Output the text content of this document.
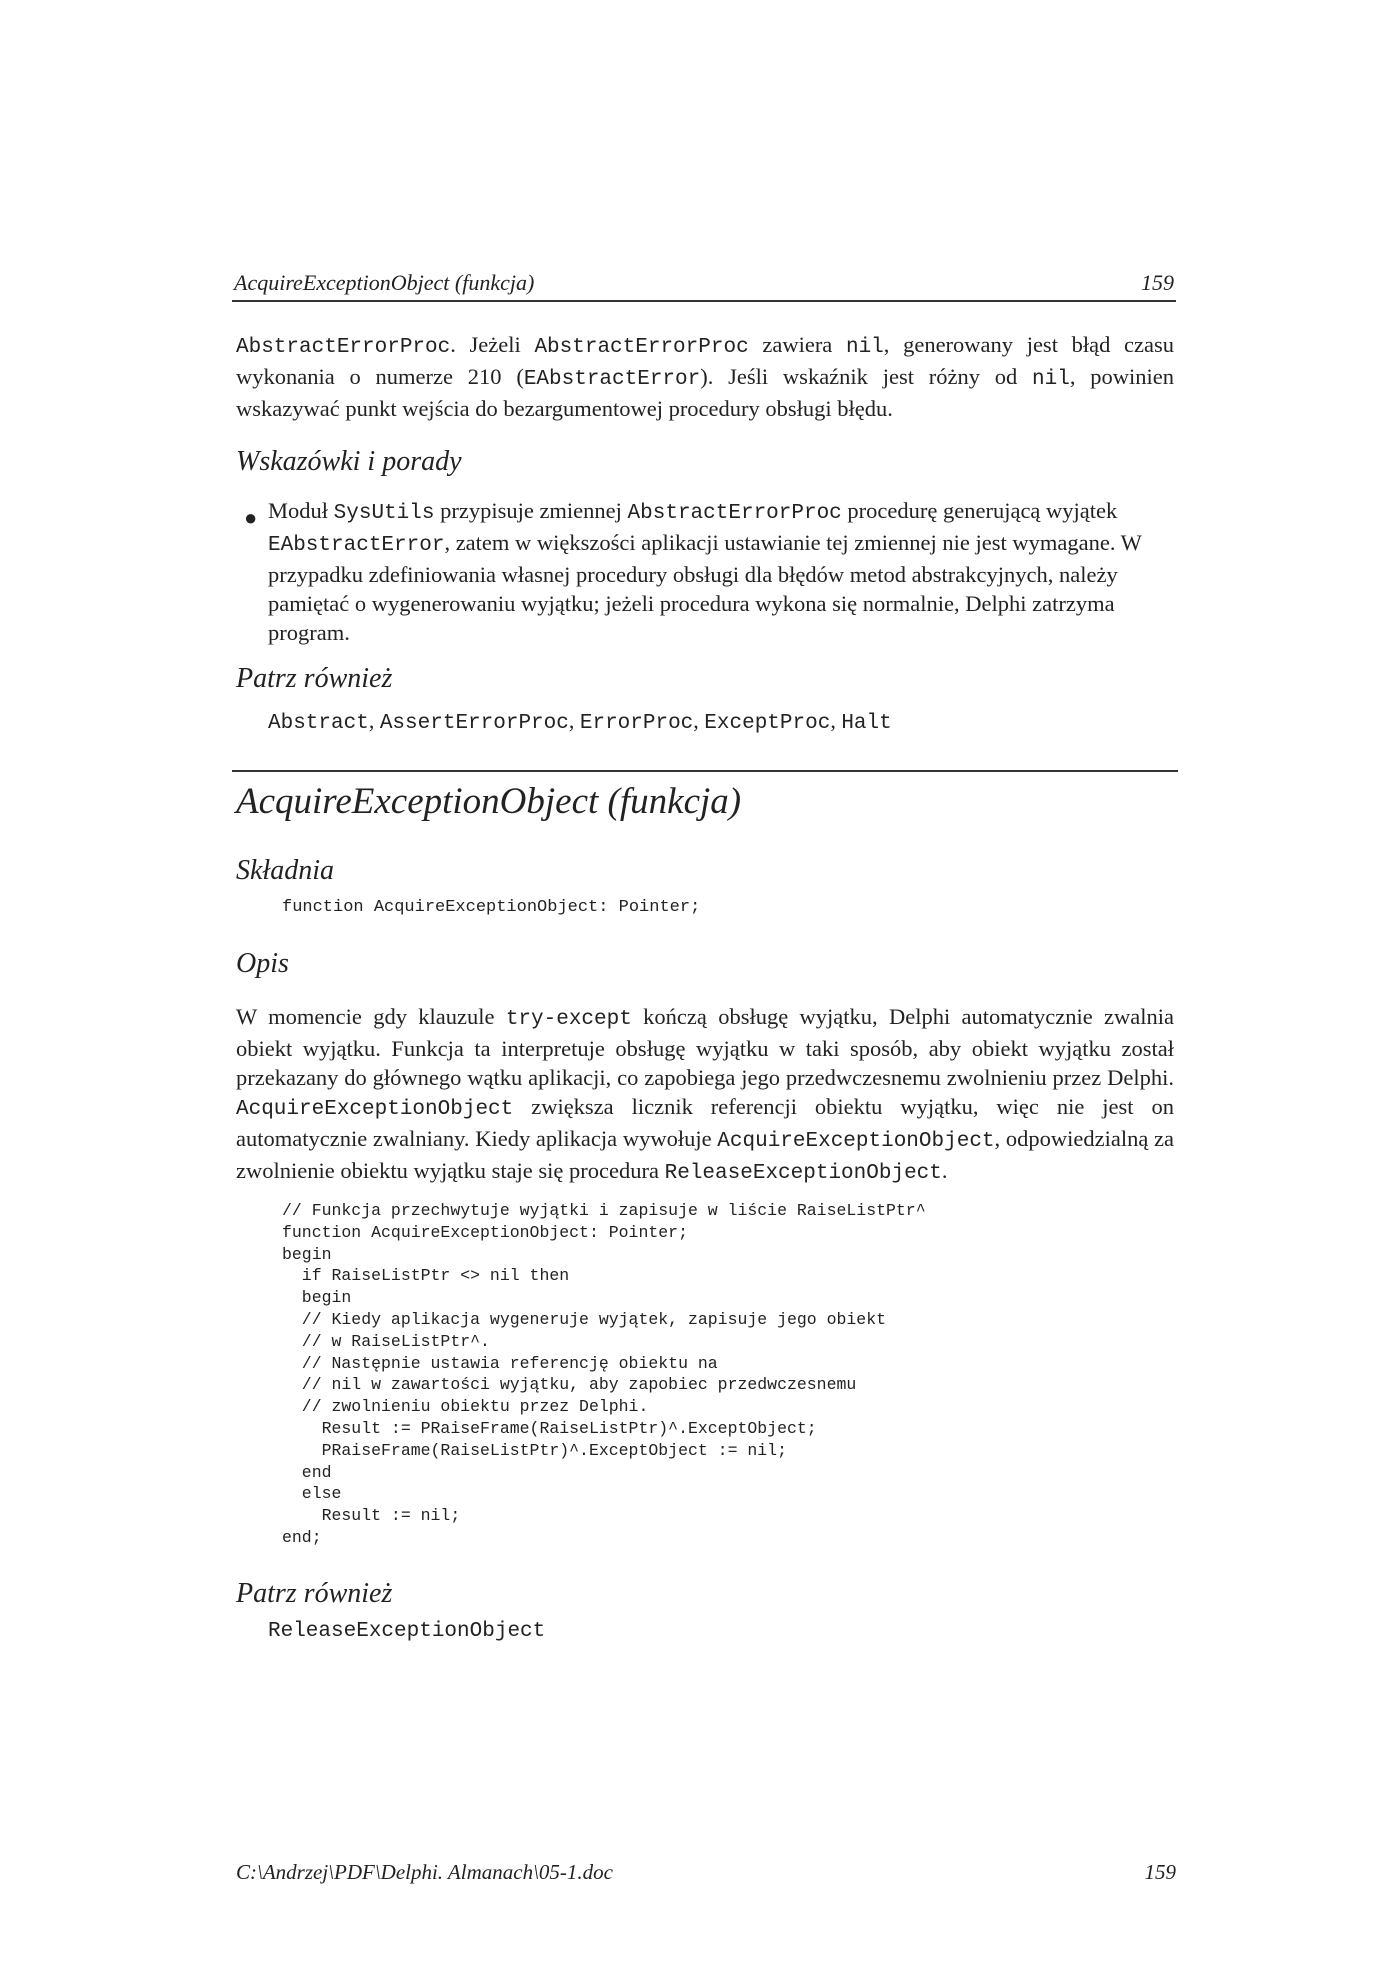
AcquireExceptionObject (funkcja)	159
AbstractErrorProc. Jeżeli AbstractErrorProc zawiera nil, generowany jest błąd czasu wykonania o numerze 210 (EAbstractError). Jeśli wskaźnik jest różny od nil, powinien wskazywać punkt wejścia do bezargumentowej procedury obsługi błędu.
Wskazówki i porady
● Moduł SysUtils przypisuje zmiennej AbstractErrorProc procedurę generującą wyjątek EAbstractError, zatem w większości aplikacji ustawianie tej zmiennej nie jest wymagane. W przypadku zdefiniowania własnej procedury obsługi dla błędów metod abstrakcyjnych, należy pamiętać o wygenerowaniu wyjątku; jeżeli procedura wykona się normalnie, Delphi zatrzyma program.
Patrz również
Abstract, AssertErrorProc, ErrorProc, ExceptProc, Halt
AcquireExceptionObject (funkcja)
Składnia
function AcquireExceptionObject: Pointer;
Opis
W momencie gdy klauzule try-except kończą obsługę wyjątku, Delphi automatycznie zwalnia obiekt wyjątku. Funkcja ta interpretuje obsługę wyjątku w taki sposób, aby obiekt wyjątku został przekazany do głównego wątku aplikacji, co zapobiega jego przedwczesnemu zwolnieniu przez Delphi. AcquireExceptionObject zwiększa licznik referencji obiektu wyjątku, więc nie jest on automatycznie zwalniany. Kiedy aplikacja wywołuje AcquireExceptionObject, odpowiedzialną za zwolnienie obiektu wyjątku staje się procedura ReleaseExceptionObject.
// Funkcja przechwytuje wyjątki i zapisuje w liście RaiseListPtr^
function AcquireExceptionObject: Pointer;
begin
if RaiseListPtr <> nil then
begin
// Kiedy aplikacja wygeneruje wyjątek, zapisuje jego obiekt
// w RaiseListPtr^.
// Następnie ustawia referencję obiektu na
// nil w zawartości wyjątku, aby zapobiec przedwczesnemu
// zwolnieniu obiektu przez Delphi.
Result := PRaiseFrame(RaiseListPtr)^.ExceptObject;
PRaiseFrame(RaiseListPtr)^.ExceptObject := nil;
end
else
Result := nil;
end;
Patrz również
ReleaseExceptionObject
C:\Andrzej\PDF\Delphi. Almanach\05-1.doc	159
